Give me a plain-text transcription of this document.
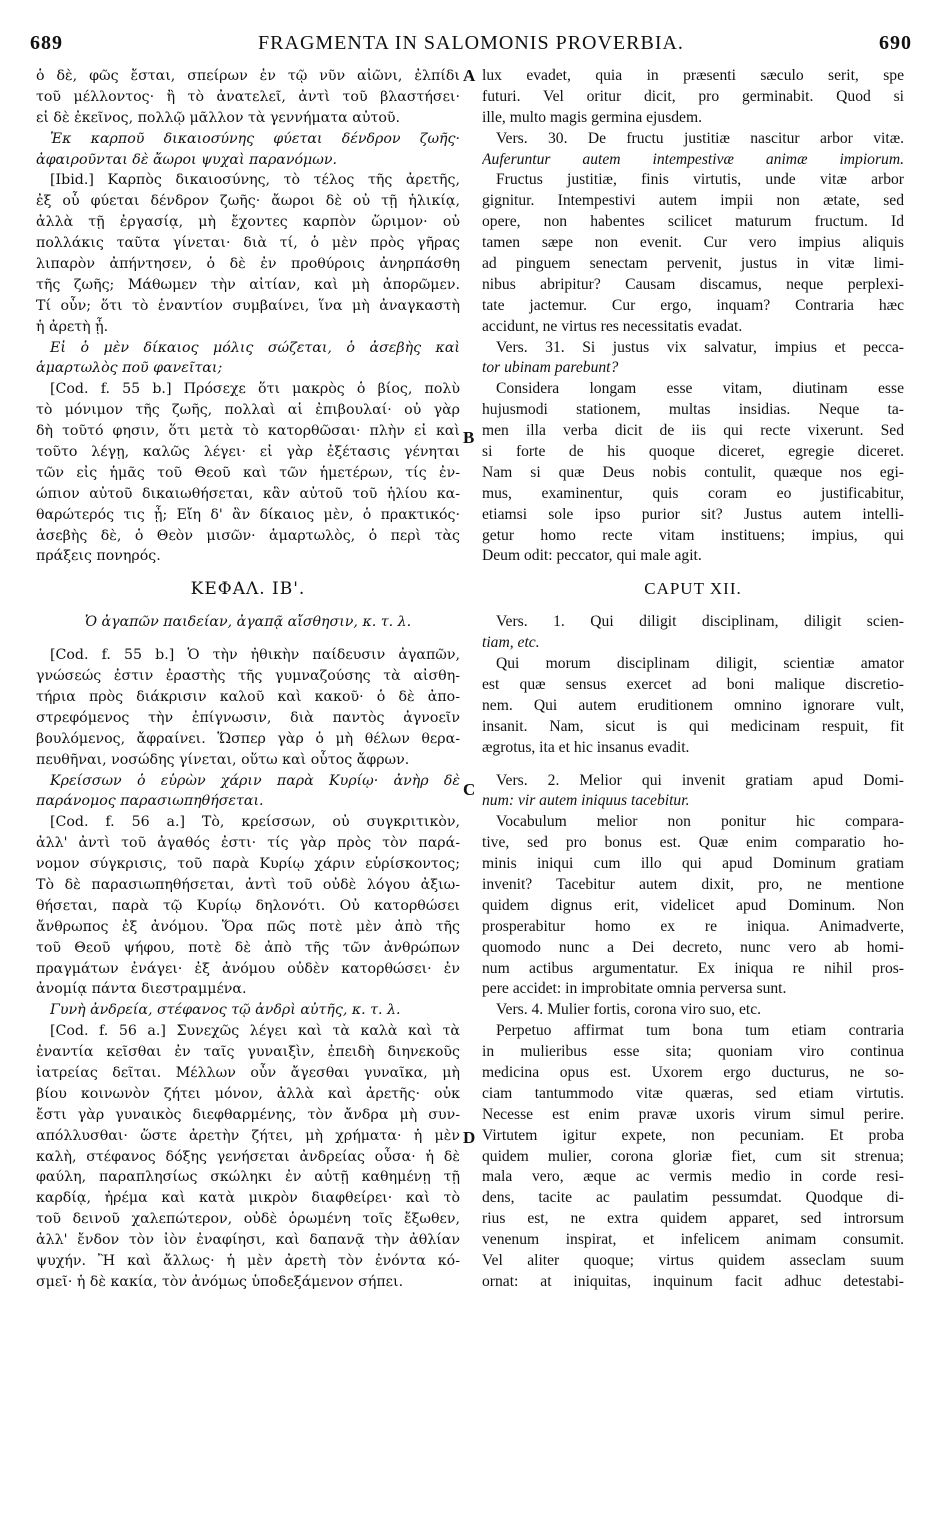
689	FRAGMENTA IN SALOMONIS PROVERBIA.	690
ὁ δὲ, φῶς ἔσται, σπείρων ἐν τῷ νῦν αἰῶνι, ἐλπίδι
τοῦ μέλλοντος· ἢ τὸ ἀνατελεῖ, ἀντὶ τοῦ βλαστήσει·
εἰ δὲ ἐκεῖνος, πολλῷ μᾶλλον τὰ γεννήματα αὐτοῦ.
Ἐκ καρποῦ δικαιοσύνης φύεται δένδρον ζωῆς·
ἀφαιροῦνται δὲ ἄωροι ψυχαὶ παρανόμων.
[Ibid.] Καρπὸς δικαιοσύνης, τὸ τέλος τῆς ἀρετῆς,
ἐξ οὗ φύεται δένδρον ζωῆς· ἄωροι δὲ οὐ τῇ ἡλικίᾳ,
ἀλλὰ τῇ ἐργασίᾳ, μὴ ἔχοντες καρπὸν ὥριμον· οὐ
πολλάκις ταῦτα γίνεται· διὰ τί, ὁ μὲν πρὸς γῆρας
λιπαρὸν ἀπήντησεν, ὁ δὲ ἐν προθύροις ἀνηρπάσθη
τῆς ζωῆς; Μάθωμεν τὴν αἰτίαν, καὶ μὴ ἀπορῶμεν.
Τί οὖν; ὅτι τὸ ἐναντίον συμβαίνει, ἵνα μὴ ἀναγκαστὴ
ἡ ἀρετὴ ᾖ.
Εἰ ὁ μὲν δίκαιος μόλις σώζεται, ὁ ἀσεβὴς καὶ
ἁμαρτωλὸς ποῦ φανεῖται;
[Cod. f. 55 b.] Πρόσεχε ὅτι μακρὸς ὁ βίος, πολὺ
τὸ μόνιμον τῆς ζωῆς, πολλαὶ αἱ ἐπιβουλαί· οὐ γὰρ
δὴ τοῦτό φησιν, ὅτι μετὰ τὸ κατορθῶσαι· πλὴν εἰ καὶ
τοῦτο λέγῃ, καλῶς λέγει· εἰ γὰρ ἐξέτασις γένηται
τῶν εἰς ἡμᾶς τοῦ Θεοῦ καὶ τῶν ἡμετέρων, τίς ἐν-
ώπιον αὐτοῦ δικαιωθήσεται, κἂν αὐτοῦ τοῦ ἡλίου κα-
θαρώτερός τις ᾖ; Εἴη δ' ἂν δίκαιος μὲν, ὁ πρακτικός·
ἀσεβὴς δὲ, ὁ Θεὸν μισῶν· ἁμαρτωλὸς, ὁ περὶ τὰς
πράξεις πονηρός.
ΚΕΦΑΛ. ΙΒ'.
Ὁ ἀγαπῶν παιδείαν, ἀγαπᾷ αἴσθησιν, κ. τ. λ.
[Cod. f. 55 b.] Ὁ τὴν ἠθικὴν παίδευσιν ἀγαπῶν,
γνώσεώς ἐστιν ἐραστὴς τῆς γυμναζούσης τὰ αἰσθη-
τήρια πρὸς διάκρισιν καλοῦ καὶ κακοῦ· ὁ δὲ ἀπο-
στρεφόμενος τὴν ἐπίγνωσιν, διὰ παντὸς ἀγνοεῖν
βουλόμενος, ἄφραίνει. Ὥσπερ γὰρ ὁ μὴ θέλων θερα-
πευθῆναι, νοσώδης γίνεται, οὕτω καὶ οὗτος ἄφρων.
Κρείσσων ὁ εὑρὼν χάριν παρὰ Κυρίῳ· ἀνὴρ δὲ
παράνομος παρασιωπηθήσεται.
[Cod. f. 56 a.] Τὸ, κρείσσων, οὐ συγκριτικὸν,
ἀλλ' ἀντὶ τοῦ ἀγαθός ἐστι· τίς γὰρ πρὸς τὸν παρά-
νομον σύγκρισις, τοῦ παρὰ Κυρίῳ χάριν εὑρίσκοντος;
Τὸ δὲ παρασιωπηθήσεται, ἀντὶ τοῦ οὐδὲ λόγου ἀξιω-
θήσεται, παρὰ τῷ Κυρίῳ δηλονότι. Οὐ κατορθώσει
ἄνθρωπος ἐξ ἀνόμου. Ὅρα πῶς ποτὲ μὲν ἀπὸ τῆς
τοῦ Θεοῦ ψήφου, ποτὲ δὲ ἀπὸ τῆς τῶν ἀνθρώπων
πραγμάτων ἐνάγει· ἐξ ἀνόμου οὐδὲν κατορθώσει· ἐν
ἀνομίᾳ πάντα διεστραμμένα.
Γυνὴ ἀνδρεία, στέφανος τῷ ἀνδρὶ αὐτῆς, κ. τ. λ.
[Cod. f. 56 a.] Συνεχῶς λέγει καὶ τὰ καλὰ καὶ τὰ
ἐναντία κεῖσθαι ἐν ταῖς γυναιξὶν, ἐπειδὴ διηνεκοῦς
ἰατρείας δεῖται. Μέλλων οὖν ἄγεσθαι γυναῖκα, μὴ
βίου κοινωνὸν ζήτει μόνον, ἀλλὰ καὶ ἀρετῆς· οὐκ
ἔστι γὰρ γυναικὸς διεφθαρμένης, τὸν ἄνδρα μὴ συν-
απόλλυσθαι· ὥστε ἀρετὴν ζήτει, μὴ χρήματα· ἡ μὲν
καλὴ, στέφανος δόξης γενήσεται ἀνδρείας οὖσα· ἡ δὲ
φαύλη, παραπλησίως σκώληκι ἐν αὐτῇ καθημένῃ τῇ
καρδίᾳ, ἠρέμα καὶ κατὰ μικρὸν διαφθείρει· καὶ τὸ
τοῦ δεινοῦ χαλεπώτερον, οὐδὲ ὁρωμένη τοῖς ἔξωθεν,
ἀλλ' ἔνδον τὸν ἰὸν ἐναφίησι, καὶ δαπανᾷ τὴν ἀθλίαν
ψυχήν. Ἢ καὶ ἄλλως· ἡ μὲν ἀρετὴ τὸν ἐνόντα κό-
σμεῖ· ἡ δὲ κακία, τὸν ἀνόμως ὑποδεξάμενον σήπει.
lux evadet, quia in præsenti sæculo serit, spe
futuri. Vel oritur dicit, pro germinabit. Quod si
ille, multo magis germina ejusdem.
Vers. 30. De fructu justitiæ nascitur arbor vitæ.
Auferuntur autem intempestivæ animæ impiorum.
Fructus justitiæ, finis virtutis, unde vitæ arbor
gignitur. Intempestivi autem impii non ætate, sed
opere, non habentes scilicet maturum fructum. Id
tamen sæpe non evenit. Cur vero impius aliquis
ad pinguem senectam pervenit, justus in vitæ limi-
nibus abripitur? Causam discamus, neque perplexi-
tate jactemur. Cur ergo, inquam? Contraria hæc
accidunt, ne virtus res necessitatis evadat.
Vers. 31. Si justus vix salvatur, impius et pecca-
tor ubinam parebunt?
Considera longam esse vitam, diutinam esse
hujusmodi stationem, multas insidias. Neque ta-
men illa verba dicit de iis qui recte vixerunt. Sed
si forte de his quoque diceret, egregie diceret.
Nam si quæ Deus nobis contulit, quæque nos egi-
mus, examinentur, quis coram eo justificabitur,
etiamsi sole ipso purior sit? Justus autem intelli-
getur homo recte vitam instituens; impius, qui
Deum odit: peccator, qui male agit.
CAPUT XII.
Vers. 1. Qui diligit disciplinam, diligit scien-
tiam, etc.
Qui morum disciplinam diligit, scientiæ amator
est quæ sensus exercet ad boni malique discretio-
nem. Qui autem eruditionem omnino ignorare vult,
insanit. Nam, sicut is qui medicinam respuit, fit
ægrotus, ita et hic insanus evadit.
Vers. 2. Melior qui invenit gratiam apud Domi-
num: vir autem iniquus tacebitur.
Vocabulum melior non ponitur hic compara-
tive, sed pro bonus est. Quæ enim comparatio ho-
minis iniqui cum illo qui apud Dominum gratiam
invenit? Tacebitur autem dixit, pro, ne mentione
quidem dignus erit, videlicet apud Dominum. Non
prosperabitur homo ex re iniqua. Animadverte,
quomodo nunc a Dei decreto, nunc vero ab homi-
num actibus argumentatur. Ex iniqua re nihil pros-
pere accidet: in improbitate omnia perversa sunt.
Vers. 4. Mulier fortis, corona viro suo, etc.
Perpetuo affirmat tum bona tum etiam contraria
in mulieribus esse sita; quoniam viro continua
medicina opus est. Uxorem ergo ducturus, ne so-
ciam tantummodo vitæ quæras, sed etiam virtutis.
Necesse est enim pravæ uxoris virum simul perire.
Virtutem igitur expete, non pecuniam. Et proba
quidem mulier, corona gloriæ fiet, cum sit strenua;
mala vero, æque ac vermis medio in corde resi-
dens, tacite ac paulatim pessumdat. Quodque di-
rius est, ne extra quidem apparet, sed introrsum
venenum inspirat, et infelicem animam consumit.
Vel aliter quoque; virtus quidem asseclam suum
ornat: at iniquitas, inquinum facit adhuc detestabi-
A
B
C
D
